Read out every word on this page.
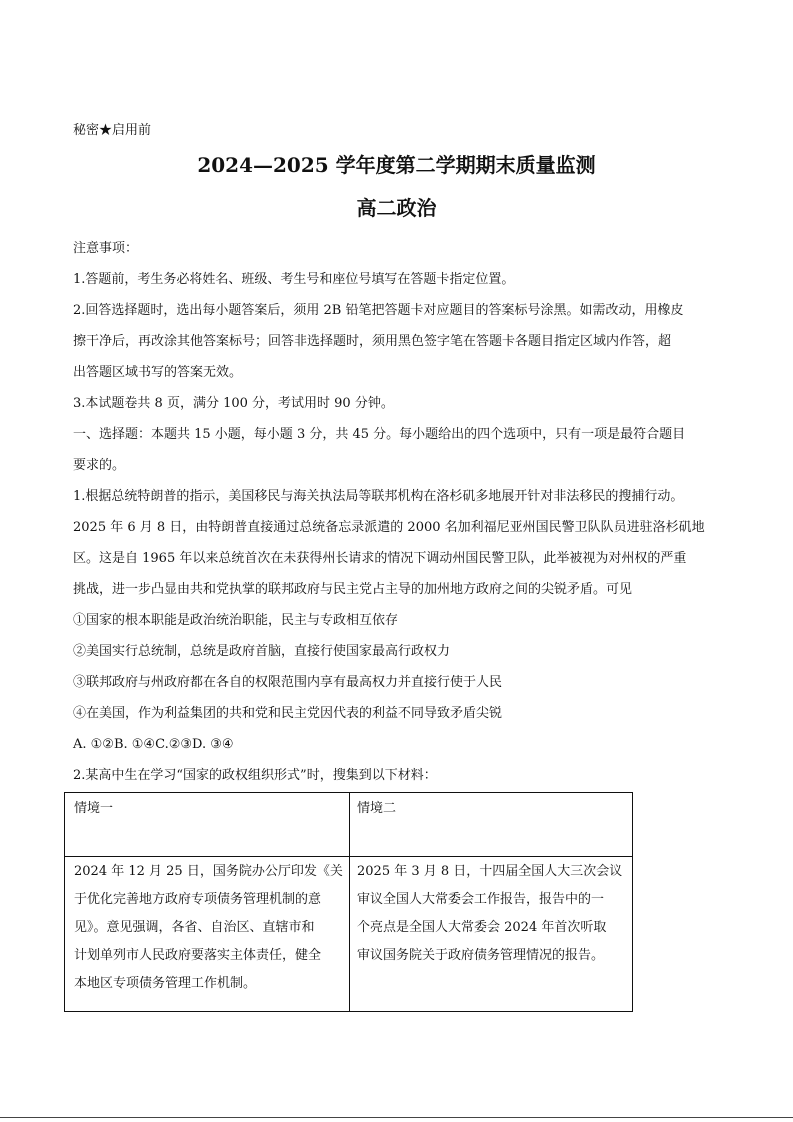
秘密★启用前
2024—2025 学年度第二学期期末质量监测
高二政治
注意事项：
1.答题前，考生务必将姓名、班级、考生号和座位号填写在答题卡指定位置。
2.回答选择题时，选出每小题答案后，须用 2B 铅笔把答题卡对应题目的答案标号涂黑。如需改动，用橡皮
擦干净后，再改涂其他答案标号；回答非选择题时，须用黑色签字笔在答题卡各题目指定区域内作答，超
出答题区域书写的答案无效。
3.本试题卷共 8 页，满分 100 分，考试用时 90 分钟。
一、选择题：本题共 15 小题，每小题 3 分，共 45 分。每小题给出的四个选项中，只有一项是最符合题目
要求的。
1.根据总统特朗普的指示，美国移民与海关执法局等联邦机构在洛杉矶多地展开针对非法移民的搜捕行动。
2025 年 6 月 8 日，由特朗普直接通过总统备忘录派遣的 2000 名加利福尼亚州国民警卫队队员进驻洛杉矶地
区。这是自 1965 年以来总统首次在未获得州长请求的情况下调动州国民警卫队，此举被视为对州权的严重
挑战，进一步凸显由共和党执掌的联邦政府与民主党占主导的加州地方政府之间的尖锐矛盾。可见
①国家的根本职能是政治统治职能，民主与专政相互依存
②美国实行总统制，总统是政府首脑，直接行使国家最高行政权力
③联邦政府与州政府都在各自的权限范围内享有最高权力并直接行使于人民
④在美国，作为利益集团的共和党和民主党因代表的利益不同导致矛盾尖锐
A. ①②B. ①④C.②③D. ③④
2.某高中生在学习“国家的政权组织形式”时，搜集到以下材料：
情境一	情境二
2024 年 12 月 25 日，国务院办公厅印发《关
于优化完善地方政府专项债务管理机制的意
见》。意见强调，各省、自治区、直辖市和
计划单列市人民政府要落实主体责任，健全
本地区专项债务管理工作机制。
2025 年 3 月 8 日，十四届全国人大三次会议
审议全国人大常委会工作报告，报告中的一
个亮点是全国人大常委会 2024 年首次听取
审议国务院关于政府债务管理情况的报告。
